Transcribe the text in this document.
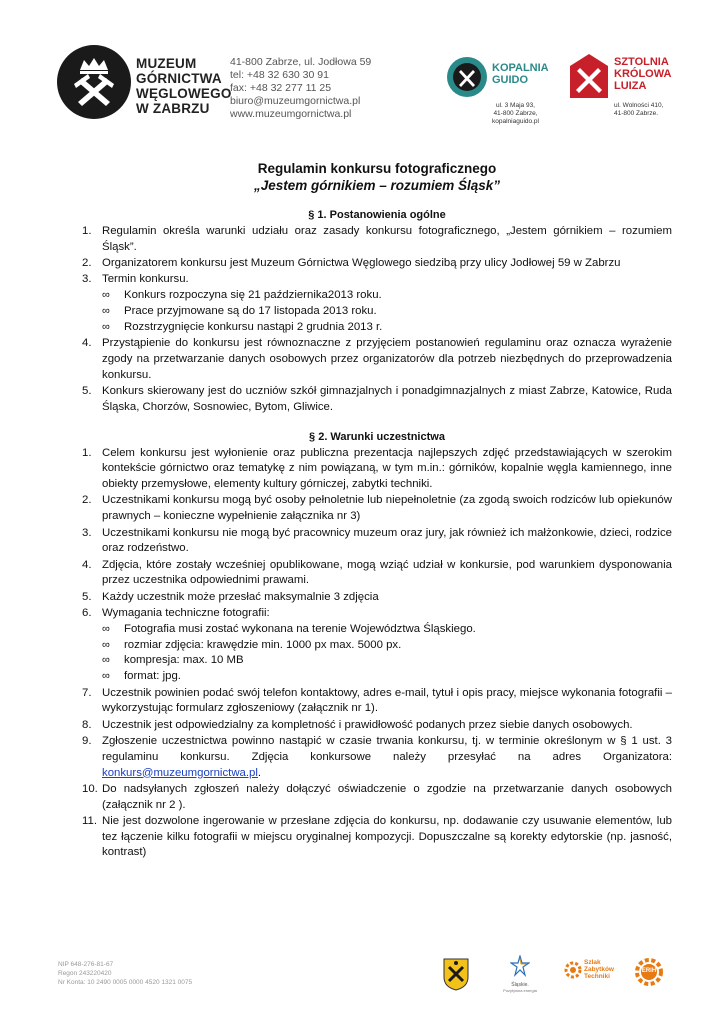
MUZEUM
GÓRNICTWA
WĘGLOWEGO
W ZABRZU
41-800 Zabrze, ul. Jodłowa 59
tel: +48 32 630 30 91
fax: +48 32 277 11 25
biuro@muzeumgornictwa.pl
www.muzeumgornictwa.pl
KOPALNIA
GUIDO
ul. 3 Maja 93,
41-800 Zabrze,
kopalniaguido.pl
SZTOLNIA
KRÓLOWA
LUIZA
ul. Wolności 410,
41-800 Zabrze.
Regulamin konkursu fotograficznego
„Jestem górnikiem – rozumiem Śląsk”
§ 1. Postanowienia ogólne
1. Regulamin określa warunki udziału oraz zasady konkursu fotograficznego, „Jestem górnikiem – rozumiem Śląsk”.
2. Organizatorem konkursu jest Muzeum Górnictwa Węglowego siedzibą przy ulicy Jodłowej 59 w Zabrzu
3. Termin konkursu.
∞ Konkurs rozpoczyna się 21 października2013 roku.
∞ Prace przyjmowane są do 17 listopada 2013 roku.
∞ Rozstrzygnięcie konkursu nastąpi 2 grudnia 2013 r.
4. Przystąpienie do konkursu jest równoznaczne z przyjęciem postanowień regulaminu oraz oznacza wyrażenie zgody na przetwarzanie danych osobowych przez organizatorów dla potrzeb niezbędnych do przeprowadzenia konkursu.
5. Konkurs skierowany jest do uczniów szkół gimnazjalnych i ponadgimnazjalnych z miast Zabrze, Katowice, Ruda Śląska, Chorzów, Sosnowiec, Bytom, Gliwice.
§ 2. Warunki uczestnictwa
1. Celem konkursu jest wyłonienie oraz publiczna prezentacja najlepszych zdjęć przedstawiających w szerokim kontekście górnictwo oraz tematykę z nim powiązaną, w tym m.in.: górników, kopalnie węgla kamiennego, inne obiekty przemysłowe, elementy kultury górniczej, zabytki techniki.
2. Uczestnikami konkursu mogą być osoby pełnoletnie lub niepełnoletnie (za zgodą swoich rodziców lub opiekunów prawnych – konieczne wypełnienie załącznika nr 3)
3. Uczestnikami konkursu nie mogą być pracownicy muzeum oraz jury, jak również ich małżonkowie, dzieci, rodzice oraz rodzeństwo.
4. Zdjęcia, które zostały wcześniej opublikowane, mogą wziąć udział w konkursie, pod warunkiem dysponowania przez uczestnika odpowiednimi prawami.
5. Każdy uczestnik może przesłać maksymalnie 3 zdjęcia
6. Wymagania techniczne fotografii:
∞ Fotografia musi zostać wykonana na terenie Województwa Śląskiego.
∞ rozmiar zdjęcia: krawędzie min. 1000 px max. 5000 px.
∞ kompresja: max. 10 MB
∞ format: jpg.
7. Uczestnik powinien podać swój telefon kontaktowy, adres e-mail, tytuł i opis pracy, miejsce wykonania fotografii – wykorzystując formularz zgłoszeniowy (załącznik nr 1).
8. Uczestnik jest odpowiedzialny za kompletność i prawidłowość podanych przez siebie danych osobowych.
9. Zgłoszenie uczestnictwa powinno nastąpić w czasie trwania konkursu, tj. w terminie określonym w § 1 ust. 3 regulaminu konkursu. Zdjęcia konkursowe należy przesyłać na adres Organizatora: konkurs@muzeumgornictwa.pl.
10. Do nadsyłanych zgłoszeń należy dołączyć oświadczenie o zgodzie na przetwarzanie danych osobowych (załącznik nr 2 ).
11. Nie jest dozwolone ingerowanie w przesłane zdjęcia do konkursu, np. dodawanie czy usuwanie elementów, lub tez łączenie kilku fotografii w miejscu oryginalnej kompozycji. Dopuszczalne są korekty edytorskie (np. jasność, kontrast)
NIP 648-276-81-67
Regon 243220420
Nr Konta: 10 2490 0005 0000 4520 1321 0075	Śląskie.
Pozytywna energia
Szlak
Zabytków
Techniki
ERIH
